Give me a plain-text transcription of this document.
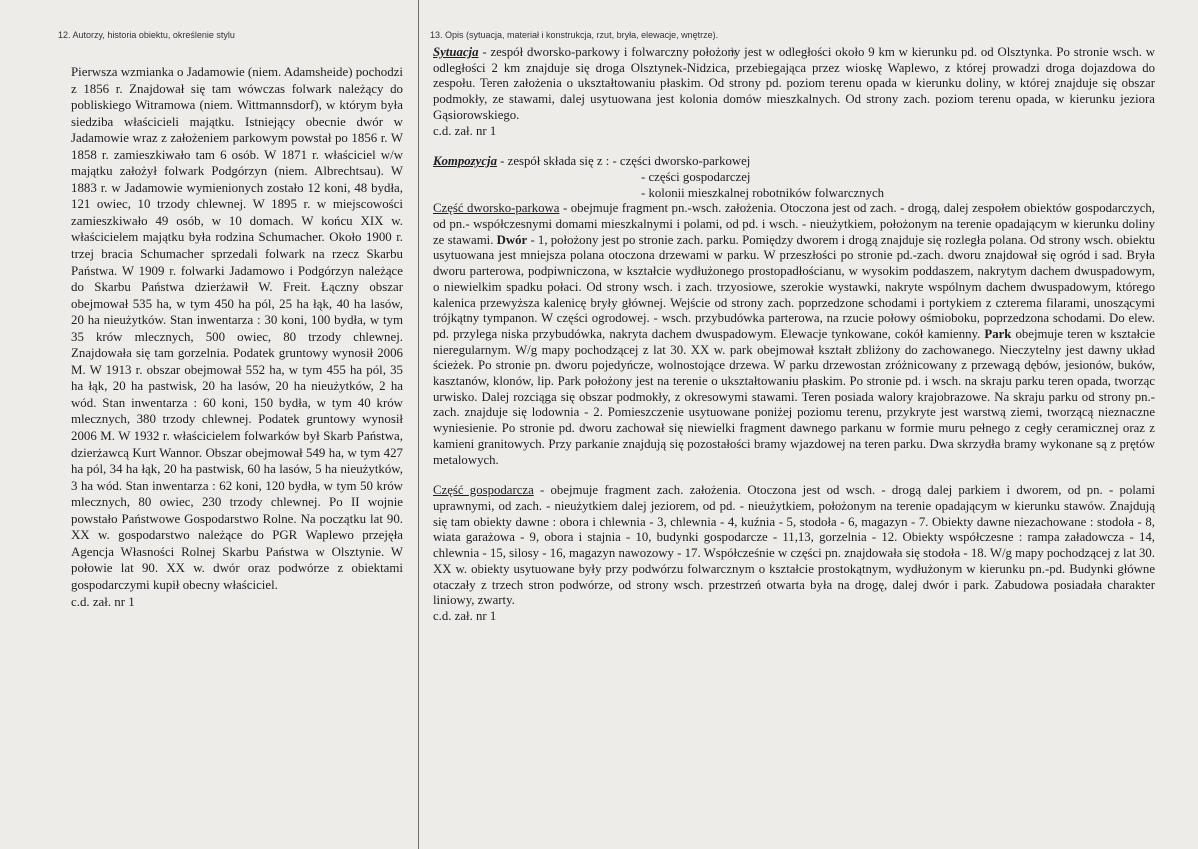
12. Autorzy, historia obiektu, określenie stylu

Pierwsza wzmianka o Jadamowie (niem. Adamsheide) pochodzi z 1856 r. Znajdował się tam wówczas folwark należący do pobliskiego Witramowa (niem. Wittmannsdorf), w którym była siedziba właścicieli majątku. Istniejący obecnie dwór w Jadamowie wraz z założeniem parkowym powstał po 1856 r. W 1858 r. zamieszkiwało tam 6 osób. W 1871 r. właściciel w/w majątku założył folwark Podgórzyn (niem. Albrechtsau). W 1883 r. w Jadamowie wymienionych zostało 12 koni, 48 bydła, 121 owiec, 10 trzody chlewnej. W 1895 r. w miejscowości zamieszkiwało 49 osób, w 10 domach. W końcu XIX w. właścicielem majątku była rodzina Schumacher. Około 1900 r. trzej bracia Schumacher sprzedali folwark na rzecz Skarbu Państwa. W 1909 r. folwarki Jadamowo i Podgórzyn należące do Skarbu Państwa dzierżawił W. Freit. Łączny obszar obejmował 535 ha, w tym 450 ha pól, 25 ha łąk, 40 ha lasów, 20 ha nieużytków. Stan inwentarza : 30 koni, 100 bydła, w tym 35 krów mlecznych, 500 owiec, 80 trzody chlewnej. Znajdowała się tam gorzelnia. Podatek gruntowy wynosił 2006 M. W 1913 r. obszar obejmował 552 ha, w tym 455 ha pól, 35 ha łąk, 20 ha pastwisk, 20 ha lasów, 20 ha nieużytków, 2 ha wód. Stan inwentarza : 60 koni, 150 bydła, w tym 40 krów mlecznych, 380 trzody chlewnej. Podatek gruntowy wynosił 2006 M. W 1932 r. właścicielem folwarków był Skarb Państwa, dzierżawcą Kurt Wannor. Obszar obejmował 549 ha, w tym 427 ha pól, 34 ha łąk, 20 ha pastwisk, 60 ha lasów, 5 ha nieużytków, 3 ha wód. Stan inwentarza : 62 koni, 120 bydła, w tym 50 krów mlecznych, 80 owiec, 230 trzody chlewnej. Po II wojnie powstało Państwowe Gospodarstwo Rolne. Na początku lat 90. XX w. gospodarstwo należące do PGR Waplewo przejęła Agencja Własności Rolnej Skarbu Państwa w Olsztynie. W połowie lat 90. XX w. dwór oraz podwórze z obiektami gospodarczymi kupił obecny właściciel.

c.d. zał. nr 1

13. Opis (sytuacja, materiał i konstrukcja, rzut, bryła, elewacje, wnętrze).

Sytuacja - zespół dworsko-parkowy i folwarczny położony jest w odległości około 9 km w kierunku pd. od Olsztynka. Po stronie wsch. w odległości 2 km znajduje się droga Olsztynek-Nidzica, przebiegająca przez wioskę Waplewo, z której prowadzi droga dojazdowa do zespołu. Teren założenia o ukształtowaniu płaskim. Od strony pd. poziom terenu opada w kierunku doliny, w której znajduje się obszar podmokły, ze stawami, dalej usytuowana jest kolonia domów mieszkalnych. Od strony zach. poziom terenu opada, w kierunku jeziora Gąsiorowskiego.

c.d. zał. nr 1

Kompozycja - zespół składa się z : - części dworsko-parkowej
- części gospodarczej
- kolonii mieszkalnej robotników folwarcznych

Część dworsko-parkowa - obejmuje fragment pn.-wsch. założenia. Otoczona jest od zach. - drogą, dalej zespołem obiektów gospodarczych, od pn.- współczesnymi domami mieszkalnymi i polami, od pd. i wsch. - nieużytkiem, położonym na terenie opadającym w kierunku doliny ze stawami. Dwór - 1, położony jest po stronie zach. parku. Pomiędzy dworem i drogą znajduje się rozległa polana. Od strony wsch. obiektu usytuowana jest mniejsza polana otoczona drzewami w parku. W przeszłości po stronie pd.-zach. dworu znajdował się ogród i sad. Bryła dworu parterowa, podpiwniczona, w kształcie wydłużonego prostopadłościanu, w wysokim poddaszem, nakrytym dachem dwuspadowym, o niewielkim spadku połaci. Od strony wsch. i zach. trzyosiowe, szerokie wystawki, nakryte wspólnym dachem dwuspadowym, którego kalenica przewyższa kalenicę bryły głównej. Wejście od strony zach. poprzedzone schodami i portykiem z czterema filarami, unoszącymi trójkątny tympanon. W części ogrodowej. - wsch. przybudówka parterowa, na rzucie połowy ośmioboku, poprzedzona schodami. Do elew. pd. przylega niska przybudówka, nakryta dachem dwuspadowym. Elewacje tynkowane, cokół kamienny. Park obejmuje teren w kształcie nieregularnym. W/g mapy pochodzącej z lat 30. XX w. park obejmował kształt zbliżony do zachowanego. Nieczytelny jest dawny układ ścieżek. Po stronie pn. dworu pojedyńcze, wolnostojące drzewa. W parku drzewostan zróżnicowany z przewagą dębów, jesionów, buków, kasztanów, klonów, lip. Park położony jest na terenie o ukształtowaniu płaskim. Po stronie pd. i wsch. na skraju parku teren opada, tworząc urwisko. Dalej rozciąga się obszar podmokły, z okresowymi stawami. Teren posiada walory krajobrazowe. Na skraju parku od strony pn.-zach. znajduje się lodownia - 2. Pomieszczenie usytuowane poniżej poziomu terenu, przykryte jest warstwą ziemi, tworzącą nieznaczne wyniesienie. Po stronie pd. dworu zachował się niewielki fragment dawnego parkanu w formie muru pełnego z cegły ceramicznej oraz z kamieni granitowych. Przy parkanie znajdują się pozostałości bramy wjazdowej na teren parku. Dwa skrzydła bramy wykonane są z prętów metalowych.

Część gospodarcza - obejmuje fragment zach. założenia. Otoczona jest od wsch. - drogą dalej parkiem i dworem, od pn. - polami uprawnymi, od zach. - nieużytkiem dalej jeziorem, od pd. - nieużytkiem, położonym na terenie opadającym w kierunku stawów. Znajdują się tam obiekty dawne : obora i chlewnia - 3, chlewnia - 4, kuźnia - 5, stodoła - 6, magazyn - 7. Obiekty dawne niezachowane : stodoła - 8, wiata garażowa - 9, obora i stajnia - 10, budynki gospodarcze - 11,13, gorzelnia - 12. Obiekty współczesne : rampa załadowcza - 14, chlewnia - 15, silosy - 16, magazyn nawozowy - 17. Współcześnie w części pn. znajdowała się stodoła - 18. W/g mapy pochodzącej z lat 30. XX w. obiekty usytuowane były przy podwórzu folwarcznym o kształcie prostokątnym, wydłużonym w kierunku pn.-pd. Budynki główne otaczały z trzech stron podwórze, od strony wsch. przestrzeń otwarta była na drogę, dalej dwór i park. Zabudowa posiadała charakter liniowy, zwarty.

c.d. zał. nr 1
